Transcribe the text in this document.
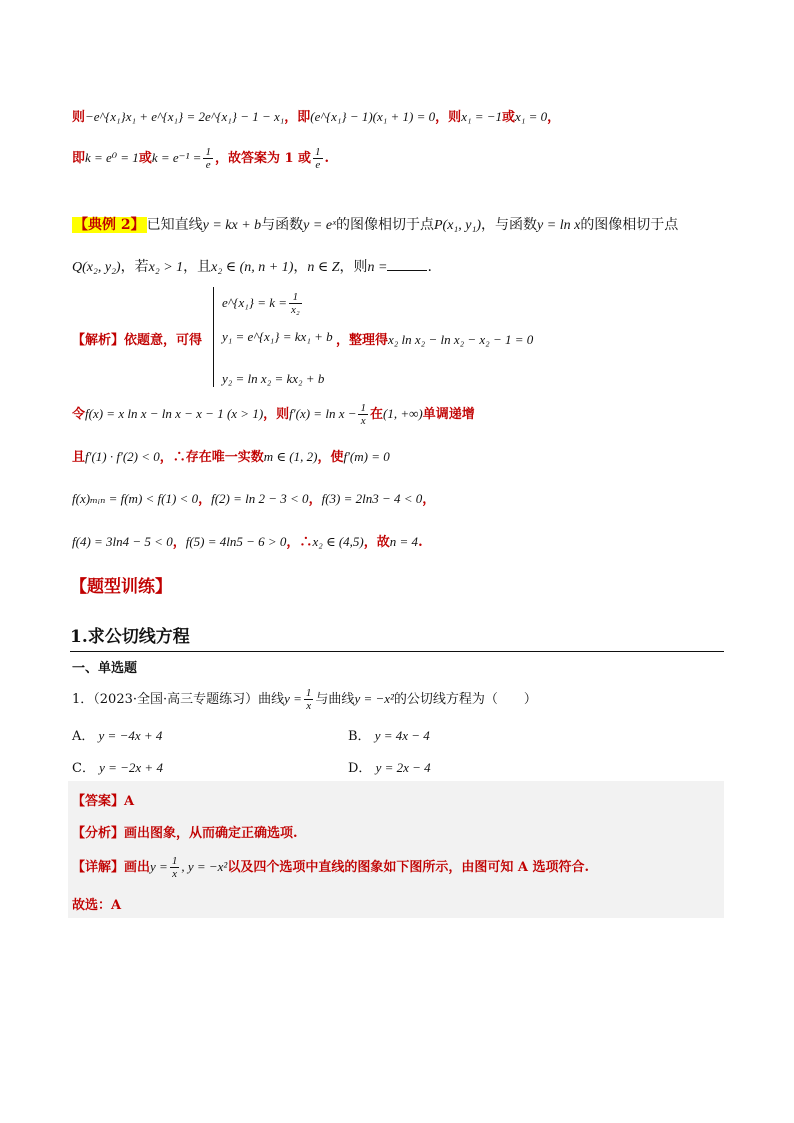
则−e^{x₁}x₁ + e^{x₁} = 2e^{x₁} − 1 − x₁，即(e^{x₁} − 1)(x₁ + 1) = 0，则x₁ = −1或x₁ = 0，
即k = e⁰ = 1或$k = e^{-1} = \frac{1}{e}$ ，故答案为 1 或 $\frac{1}{e}$ .
【典例 2】 已知直线y = kx + b与函数y = eˣ的图像相切于点P(x₁, y₁)，与函数y = ln x的图像相切于点
Q(x₂, y₂)，若x₂ > 1，且x₂ ∈ (n, n + 1)，n ∈ Z，则n =	.
【解析】依题意，可得
e^{x₁} = $k = \frac{1}{\text{x₂}}$
y₁ = e^{x₁} = kx₁ + b
y₂ = ln x₂ = kx₂ + b
，整理得x₂ ln x₂ − ln x₂ − x₂ − 1 = 0
令f(x) = x ln x − ln x − x − 1 (x > 1)，则$f'(x) = \ln x - \frac{1}{x}$ 在(1, +∞)单调递增
且f′(1) · f′(2) < 0，∴存在唯一实数m ∈ (1, 2)，使f′(m) = 0
f(x)ₘᵢₙ = f(m) < f(1) < 0，f(2) = ln 2 − 3 < 0，f(3) = 2ln3 − 4 < 0，
f(4) = 3ln4 − 5 < 0，f(5) = 4ln5 − 6 > 0，∴x₂ ∈ (4,5)，故n = 4.
【题型训练】
1.求公切线方程
一、单选题
1．（2023·全国·高三专题练习）曲线$y = \frac{1}{x}$ 与曲线y = −x²的公切线方程为（　　）
A． y = −4x + 4	B． y = 4x − 4
C． y = −2x + 4	D． y = 2x − 4
【答案】A
【分析】画出图象，从而确定正确选项.
【详解】画出$y = \frac{1}{x}$ , y = −x²以及四个选项中直线的图象如下图所示，由图可知 A 选项符合.
故选：A
